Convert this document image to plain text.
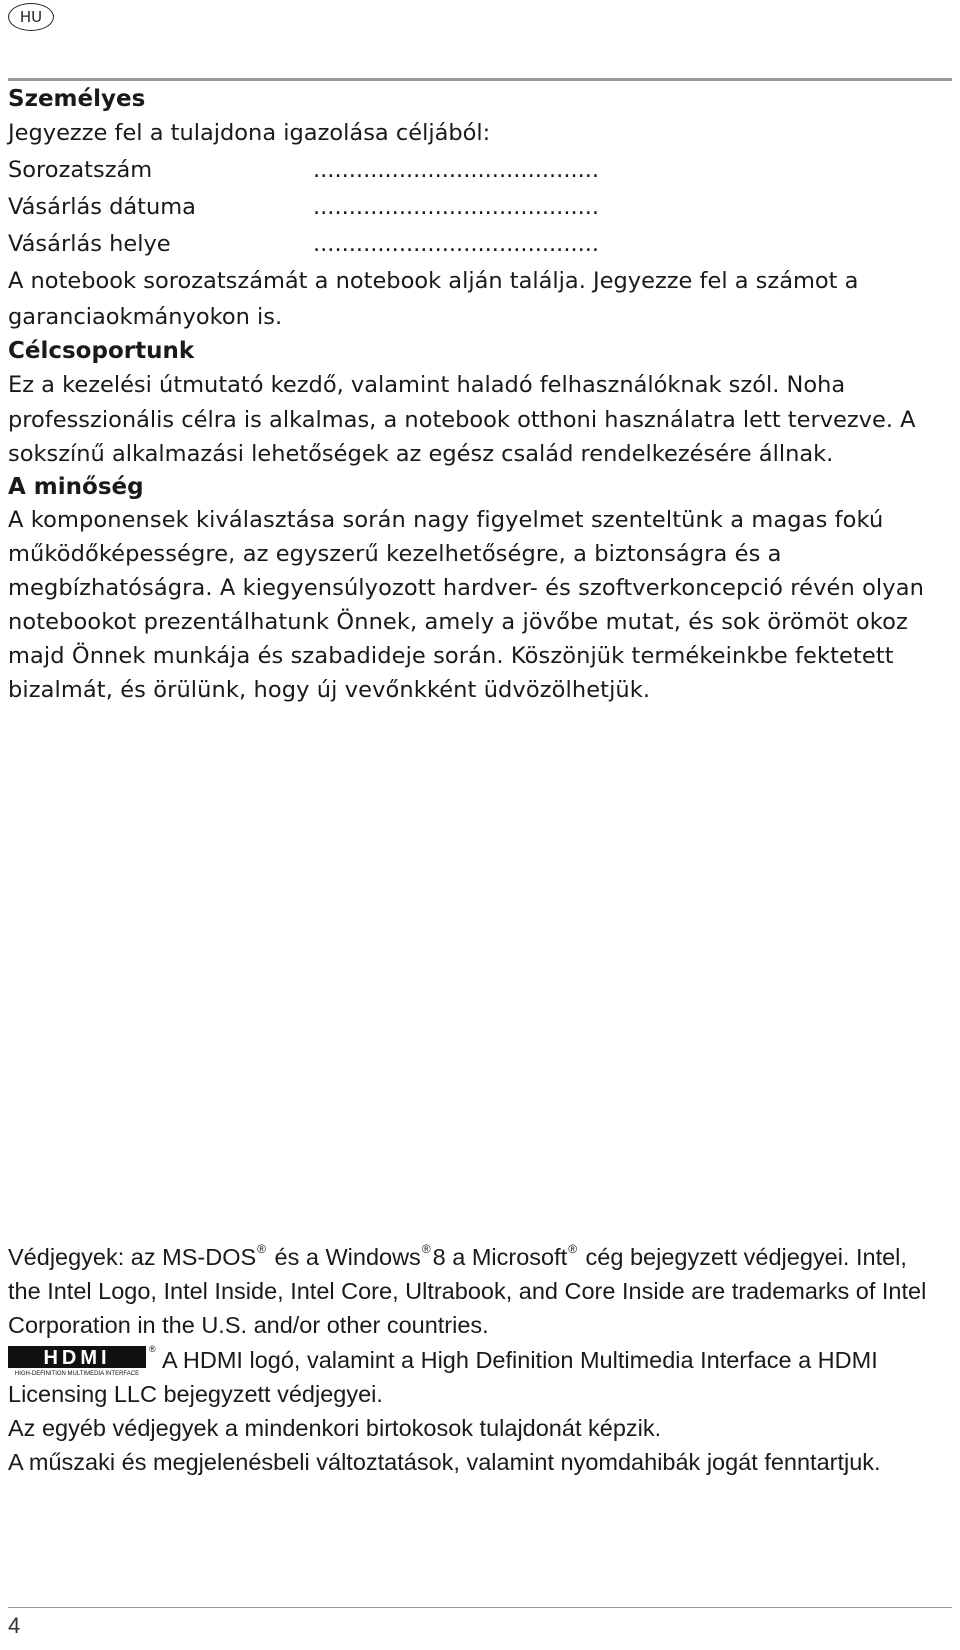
HU
Személyes

Jegyezze fel a tulajdona igazolása céljából:

Sorozatszám	........................................
Vásárlás dátuma	........................................
Vásárlás helye	........................................

A notebook sorozatszámát a notebook alján találja. Jegyezze fel a számot a garanciaokmányokon is.

Célcsoportunk

Ez a kezelési útmutató kezdő, valamint haladó felhasználóknak szól. Noha professzionális célra is alkalmas, a notebook otthoni használatra lett tervezve. A sokszínű alkalmazási lehetőségek az egész család rendelkezésére állnak.

A minőség

A komponensek kiválasztása során nagy figyelmet szenteltünk a magas fokú működőképességre, az egyszerű kezelhetőségre, a biztonságra és a megbízhatóságra. A kiegyensúlyozott hardver- és szoftverkoncepció révén olyan notebookot prezentálhatunk Önnek, amely a jövőbe mutat, és sok örömöt okoz majd Önnek munkája és szabadideje során. Köszönjük termékeinkbe fektetett bizalmát, és örülünk, hogy új vevőnkként üdvözölhetjük.

Védjegyek: az MS-DOS® és a Windows®8 a Microsoft® cég bejegyzett védjegyei. Intel, the Intel Logo, Intel Inside, Intel Core, Ultrabook, and Core Inside are trademarks of Intel Corporation in the U.S. and/or other countries.

HDMI
HIGH-DEFINITION MULTIMEDIA INTERFACE
® A HDMI logó, valamint a High Definition Multimedia Interface a HDMI Licensing LLC bejegyzett védjegyei.

Az egyéb védjegyek a mindenkori birtokosok tulajdonát képzik.

A műszaki és megjelenésbeli változtatások, valamint nyomdahibák jogát fenntartjuk.

4
